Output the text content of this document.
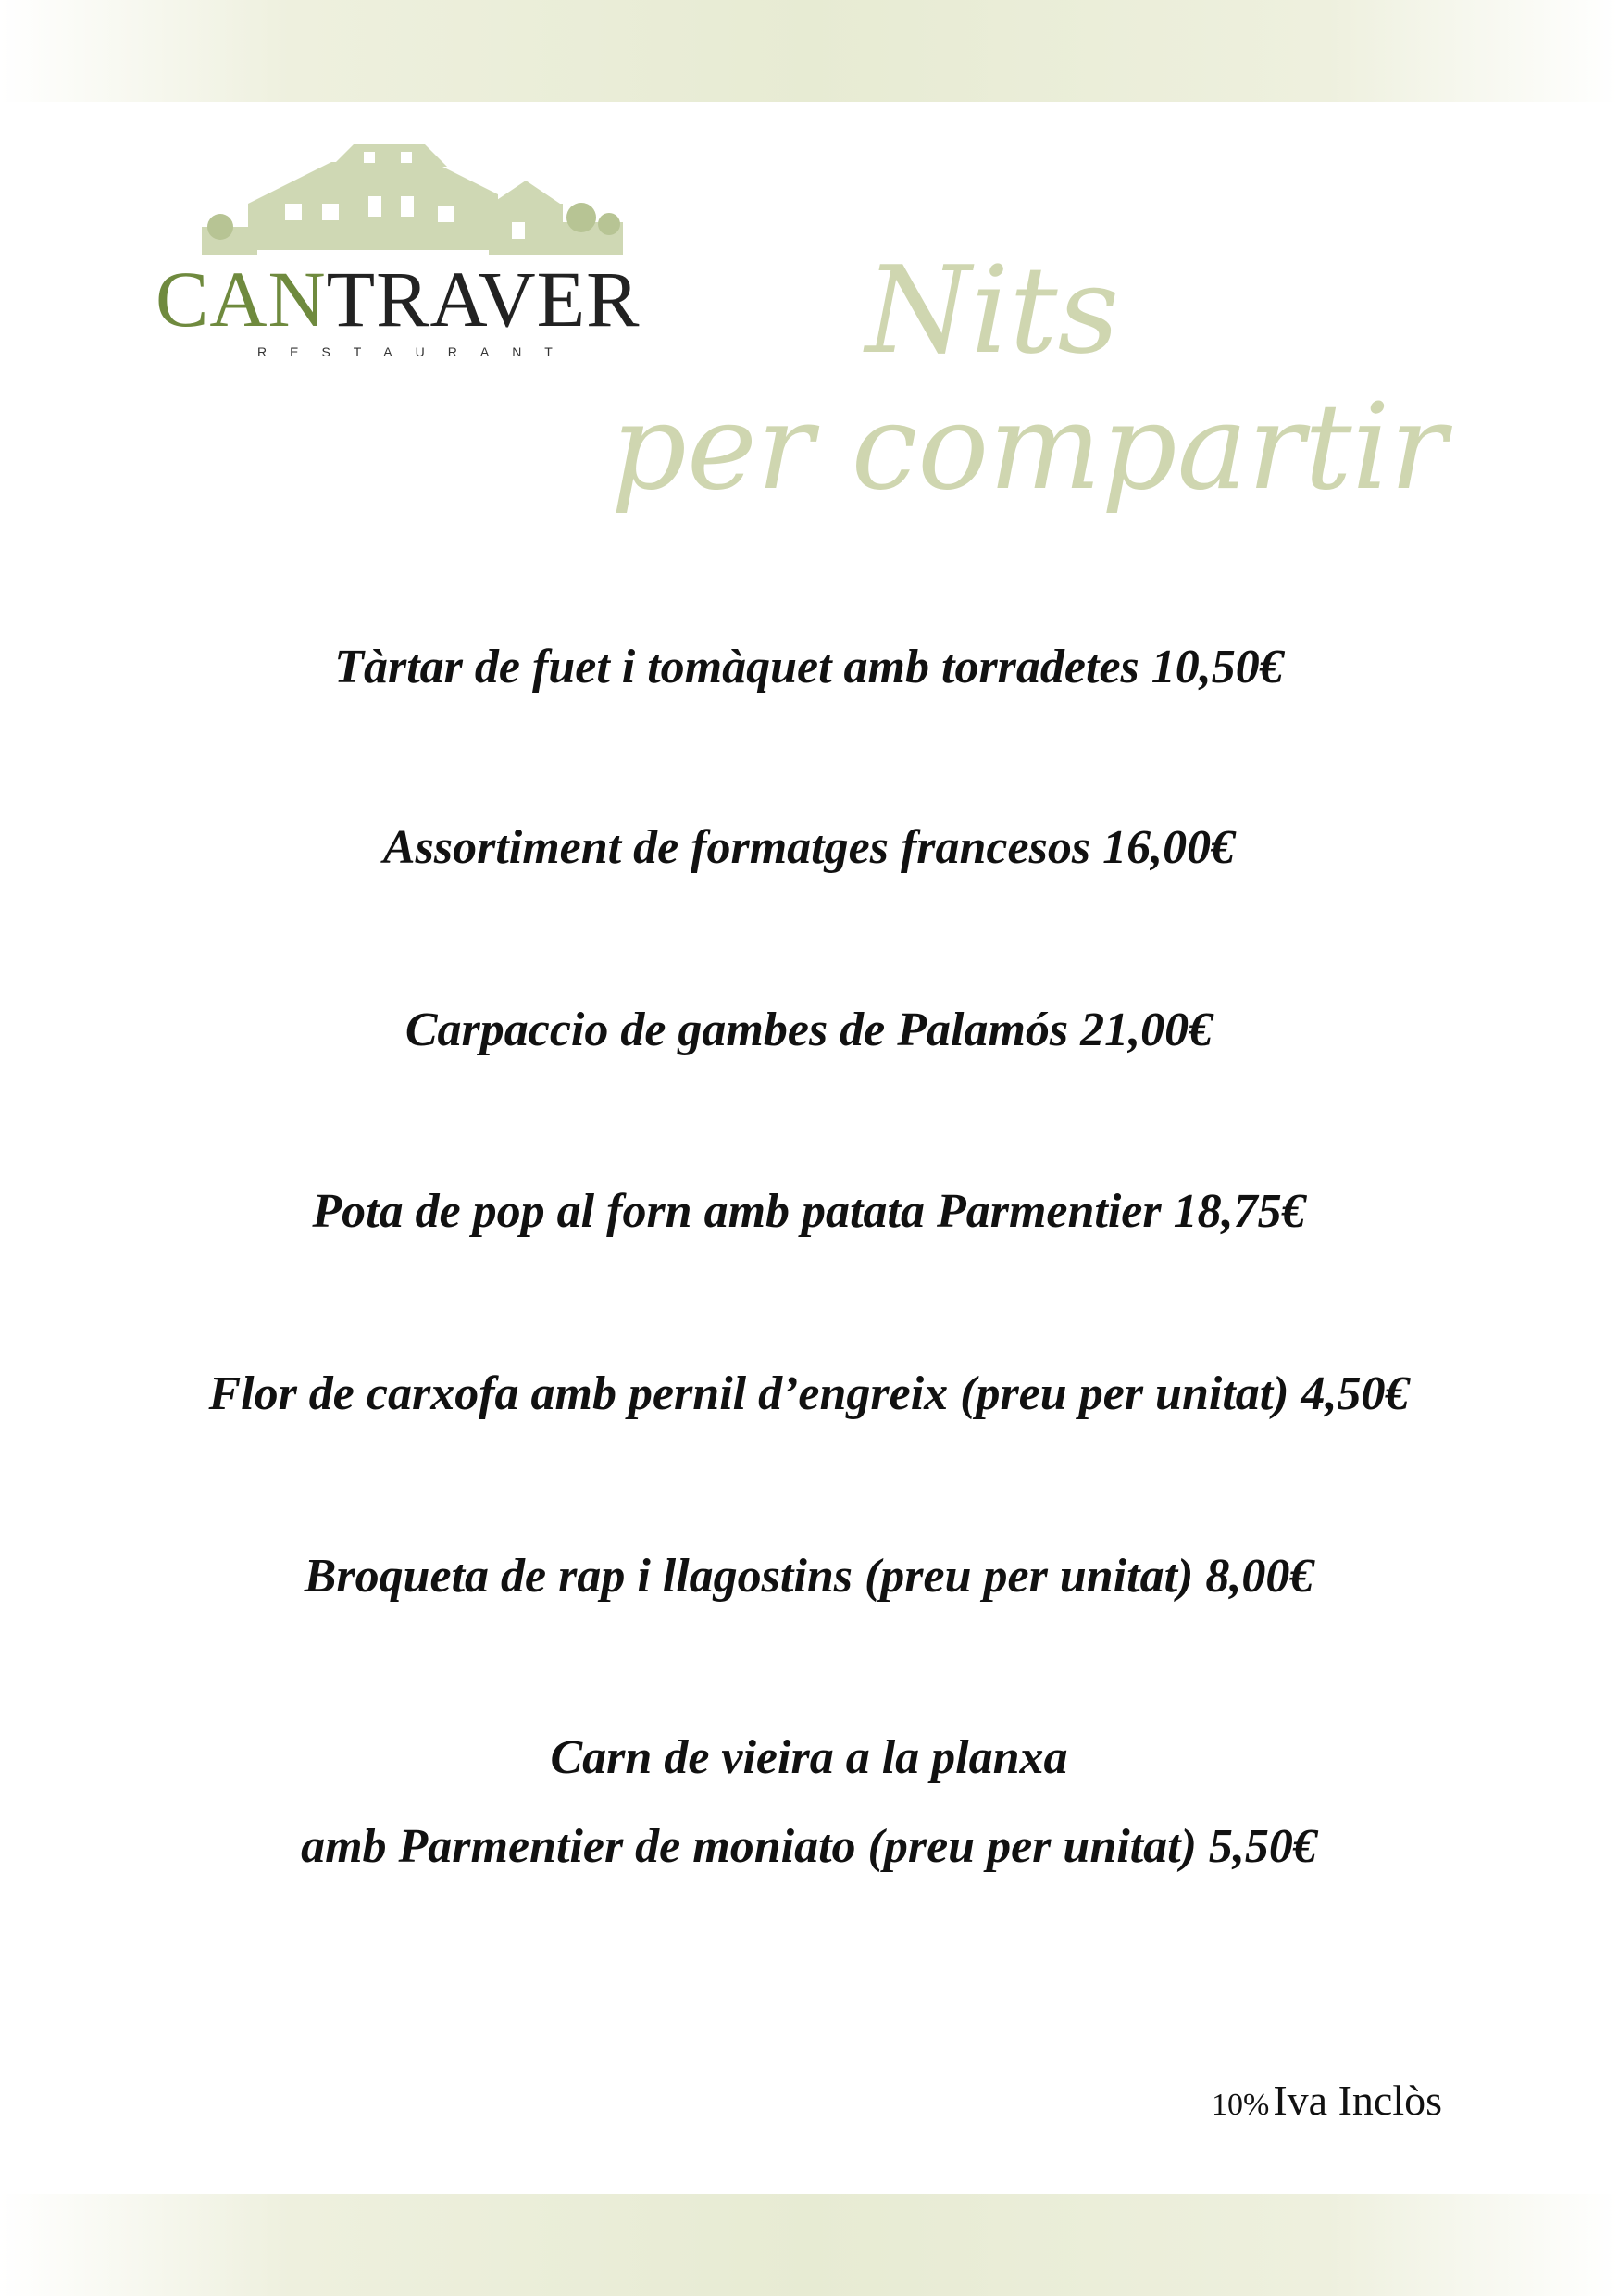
CANTRAVER
RESTAURANT	Nits
per compartir
Tàrtar de fuet i tomàquet amb torradetes 10,50€
Assortiment de formatges francesos 16,00€
Carpaccio de gambes de Palamós 21,00€
Pota de pop al forn amb patata Parmentier 18,75€
Flor de carxofa amb pernil d’engreix (preu per unitat) 4,50€
Broqueta de rap i llagostins (preu per unitat) 8,00€
Carn de vieira a la planxa
amb Parmentier de moniato (preu per unitat) 5,50€
10% Iva Inclòs
